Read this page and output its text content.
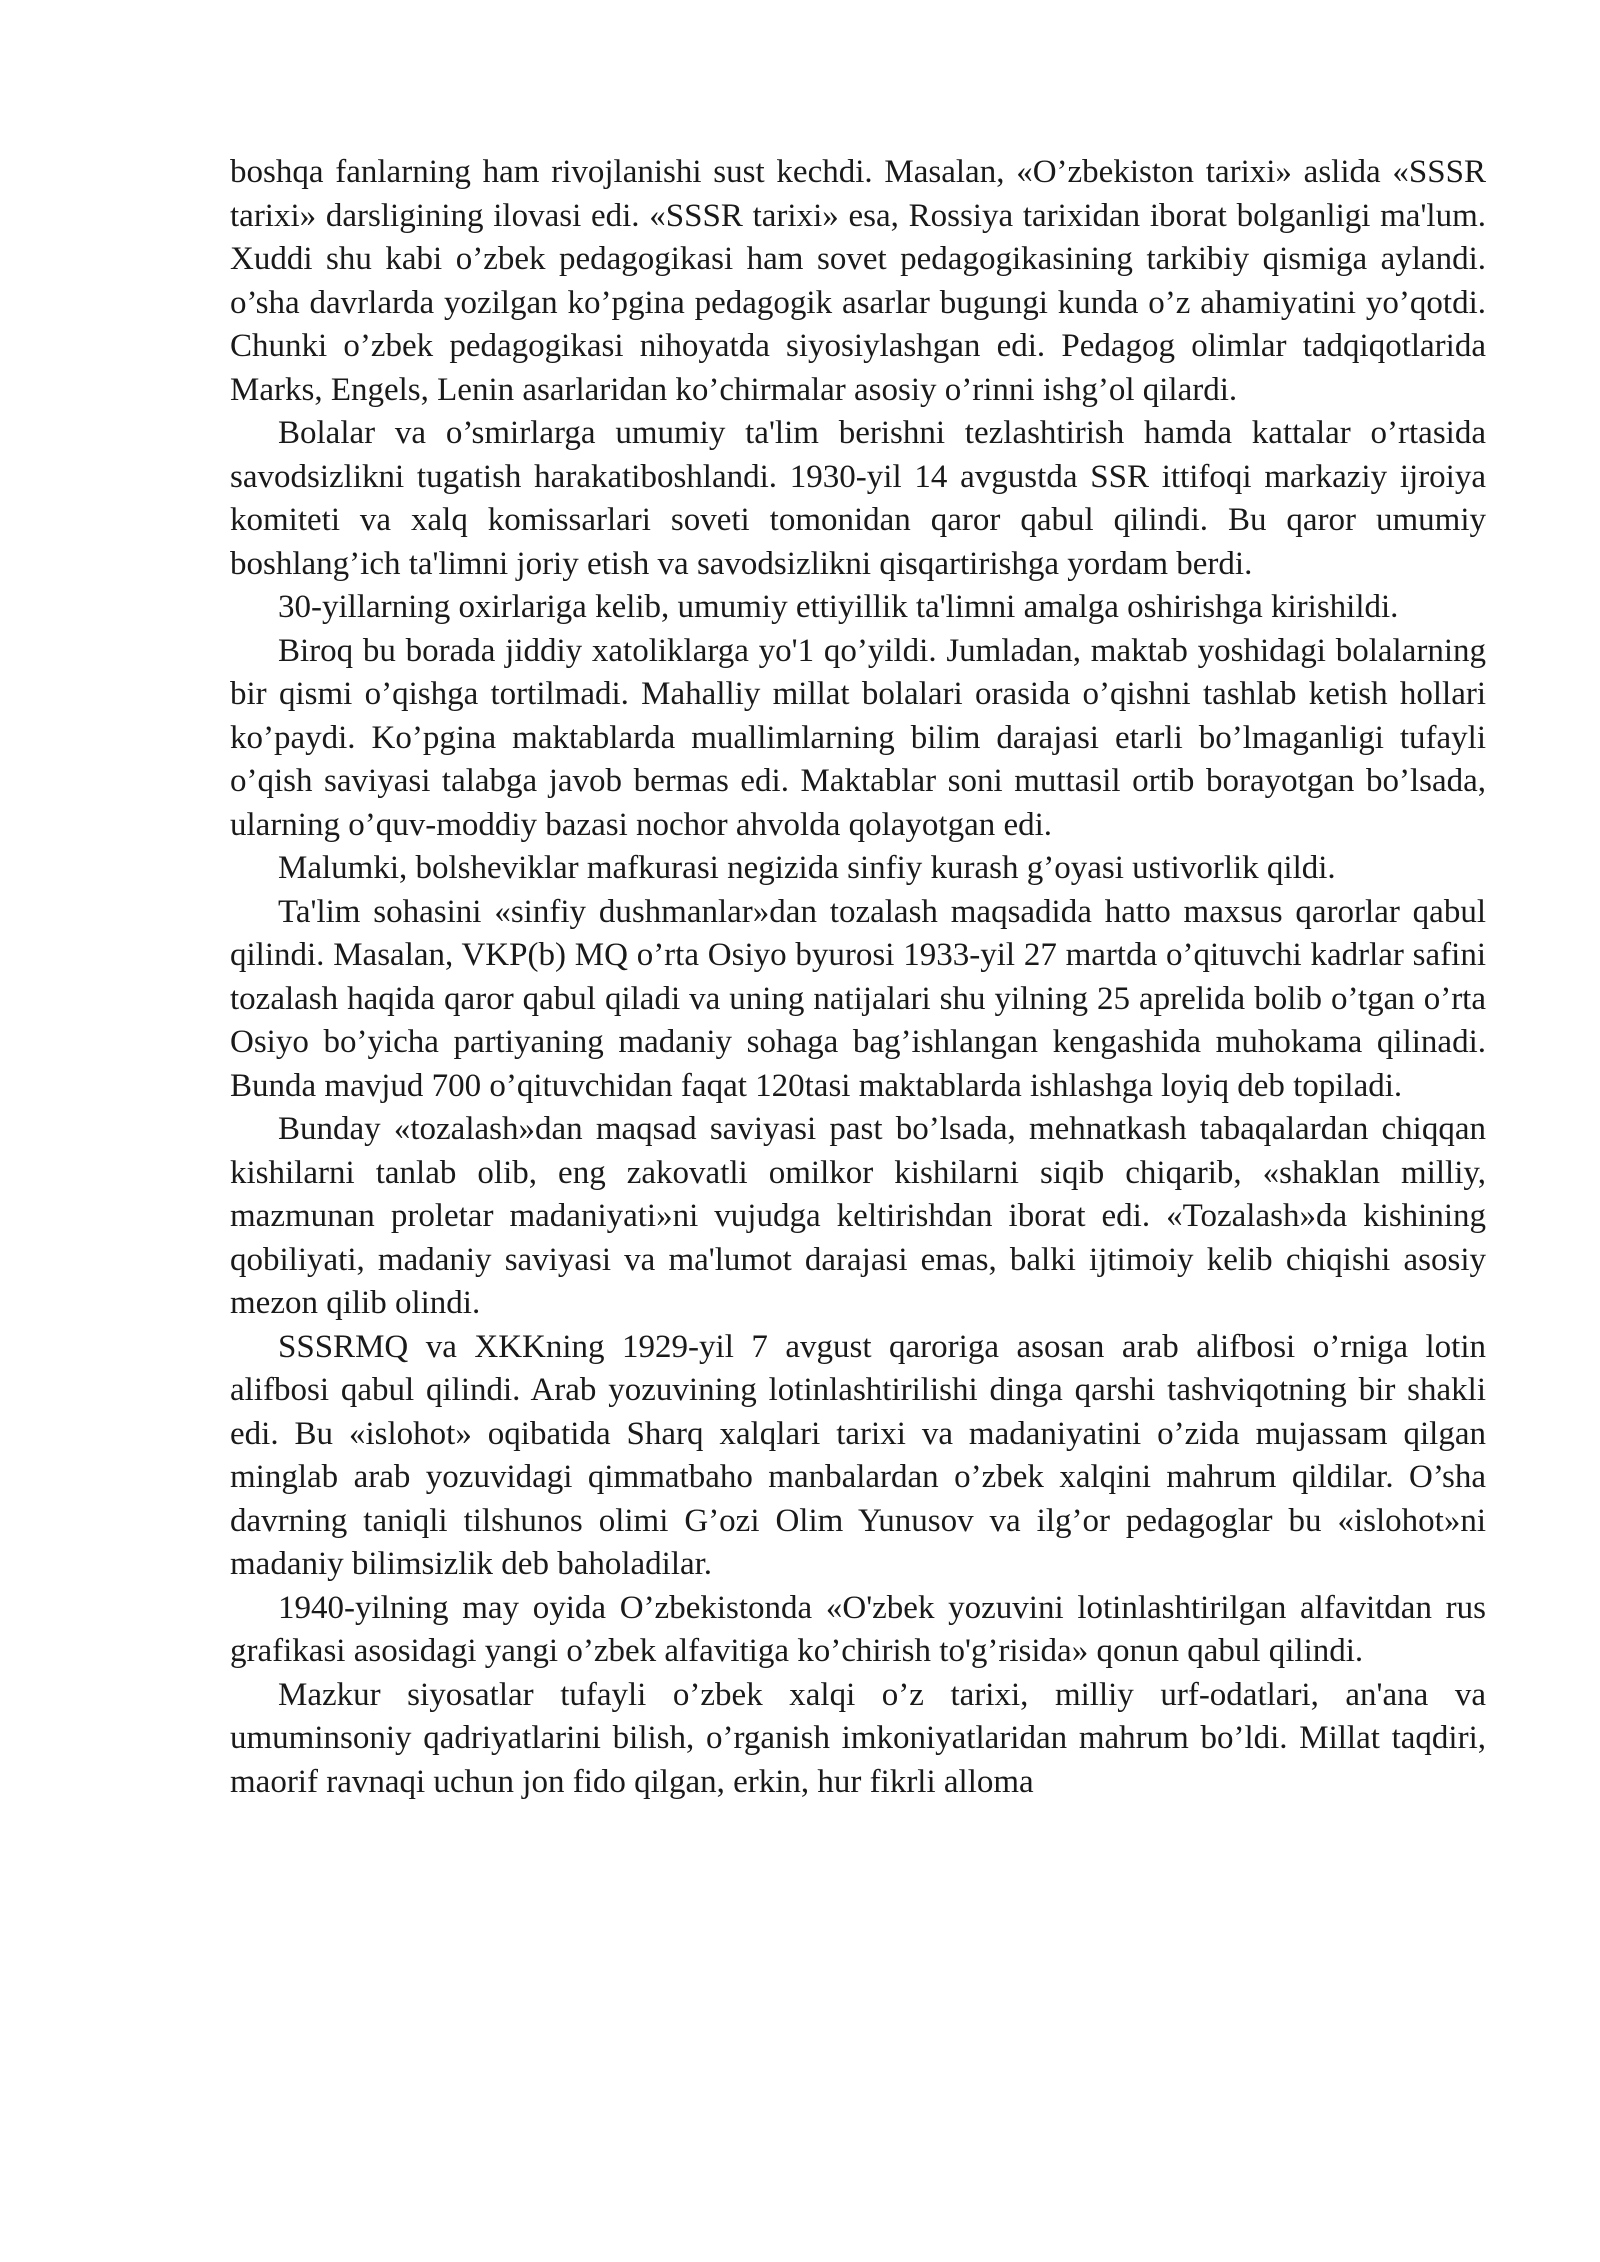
boshqa fanlarning ham rivojlanishi sust kechdi. Masalan, «O’zbekiston tarixi» aslida «SSSR tarixi» darsligining ilovasi edi. «SSSR tarixi» esa, Rossiya tarixidan iborat bolganligi ma'lum. Xuddi shu kabi o’zbek pedagogikasi ham sovet pedagogikasining tarkibiy qismiga aylandi. o’sha davrlarda yozilgan ko’pgina pedagogik asarlar bugungi kunda o’z ahamiyatini yo’qotdi. Chunki o’zbek pedagogikasi nihoyatda siyosiylashgan edi. Pedagog olimlar tadqiqotlarida Marks, Engels, Lenin asarlaridan ko’chirmalar asosiy o’rinni ishg’ol qilardi.

Bolalar va o’smirlarga umumiy ta'lim berishni tezlashtirish hamda kattalar o’rtasida savodsizlikni tugatish harakatiboshlandi. 1930-yil 14 avgustda SSR ittifoqi markaziy ijroiya komiteti va xalq komissarlari soveti tomonidan qaror qabul qilindi. Bu qaror umumiy boshlang’ich ta'limni joriy etish va savodsizlikni qisqartirishga yordam berdi.

30-yillarning oxirlariga kelib, umumiy ettiyillik ta'limni amalga oshirishga kirishildi.

Biroq bu borada jiddiy xatoliklarga yo'1 qo’yildi. Jumladan, maktab yoshidagi bolalarning bir qismi o’qishga tortilmadi. Mahalliy millat bolalari orasida o’qishni tashlab ketish hollari ko’paydi. Ko’pgina maktablarda muallimlarning bilim darajasi etarli bo’lmaganligi tufayli o’qish saviyasi talabga javob bermas edi. Maktablar soni muttasil ortib borayotgan bo’lsada, ularning o’quv-moddiy bazasi nochor ahvolda qolayotgan edi.

Malumki, bolsheviklar mafkurasi negizida sinfiy kurash g’oyasi ustivorlik qildi.

Ta'lim sohasini «sinfiy dushmanlar»dan tozalash maqsadida hatto maxsus qarorlar qabul qilindi. Masalan, VKP(b) MQ o’rta Osiyo byurosi 1933-yil 27 martda o’qituvchi kadrlar safini tozalash haqida qaror qabul qiladi va uning natijalari shu yilning 25 aprelida bolib o’tgan o’rta Osiyo bo’yicha partiyaning madaniy sohaga bag’ishlangan kengashida muhokama qilinadi. Bunda mavjud 700 o’qituvchidan faqat 120tasi maktablarda ishlashga loyiq deb topiladi.

Bunday «tozalash»dan maqsad saviyasi past bo’lsada, mehnatkash tabaqalardan chiqqan kishilarni tanlab olib, eng zakovatli omilkor kishilarni siqib chiqarib, «shaklan milliy, mazmunan proletar madaniyati»ni vujudga keltirishdan iborat edi. «Tozalash»da kishining qobiliyati, madaniy saviyasi va ma'lumot darajasi emas, balki ijtimoiy kelib chiqishi asosiy mezon qilib olindi.

SSSRMQ va XKKning 1929-yil 7 avgust qaroriga asosan arab alifbosi o’rniga lotin alifbosi qabul qilindi. Arab yozuvining lotinlashtirilishi dinga qarshi tashviqotning bir shakli edi. Bu «islohot» oqibatida Sharq xalqlari tarixi va madaniyatini o’zida mujassam qilgan minglab arab yozuvidagi qimmatbaho manbalardan o’zbek xalqini mahrum qildilar. O’sha davrning taniqli tilshunos olimi G’ozi Olim Yunusov va ilg’or pedagoglar bu «islohot»ni madaniy bilimsizlik deb baholadilar.

1940-yilning may oyida O’zbekistonda «O'zbek yozuvini lotinlashtirilgan alfavitdan rus grafikasi asosidagi yangi o’zbek alfavitiga ko’chirish to'g’risida» qonun qabul qilindi.

Mazkur siyosatlar tufayli o’zbek xalqi o’z tarixi, milliy urf-odatlari, an'ana va umuminsoniy qadriyatlarini bilish, o’rganish imkoniyatlaridan mahrum bo’ldi. Millat taqdiri, maorif ravnaqi uchun jon fido qilgan, erkin, hur fikrli alloma
